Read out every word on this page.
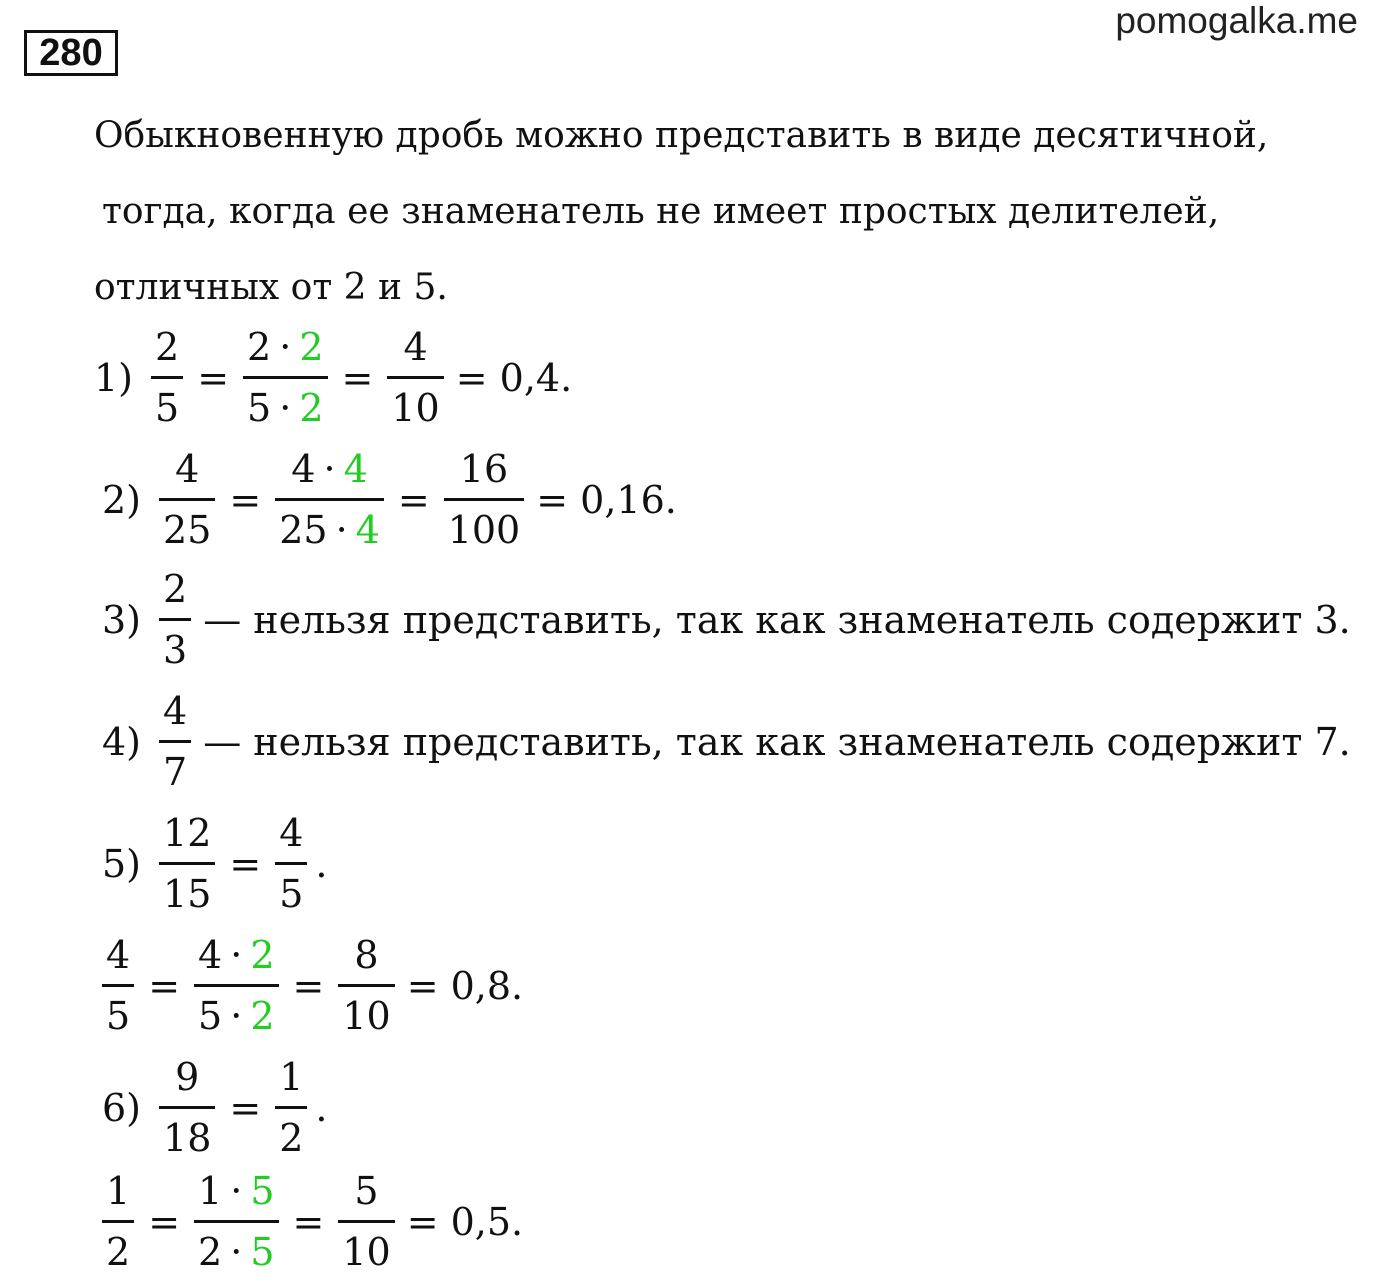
pomogalka.me
280
Обыкновенную дробь можно представить в виде десятичной,
тогда, когда ее знаменатель не имеет простых делителей,
отличных от 2 и 5.
$1) \frac{2}{5} = \frac{2 \cdot 2}{5 \cdot 2} = \frac{4}{10} = 0,4$.
$2) \frac{4}{25} = \frac{4 \cdot 4}{25 \cdot 4} = \frac{16}{100} = 0,16$.
$3) \frac{2}{3}$ — нельзя представить, так как знаменатель содержит 3.
$4) \frac{4}{7}$ — нельзя представить, так как знаменатель содержит 7.
$5) \frac{12}{15} = \frac{4}{5}$ .
$\frac{4}{5} = \frac{4 \cdot 2}{5 \cdot 2} = \frac{8}{10} = 0,8$.
$6) \frac{9}{18} = \frac{1}{2}$ .
$\frac{1}{2} = \frac{1 \cdot 5}{2 \cdot 5} = \frac{5}{10} = 0,5$.
